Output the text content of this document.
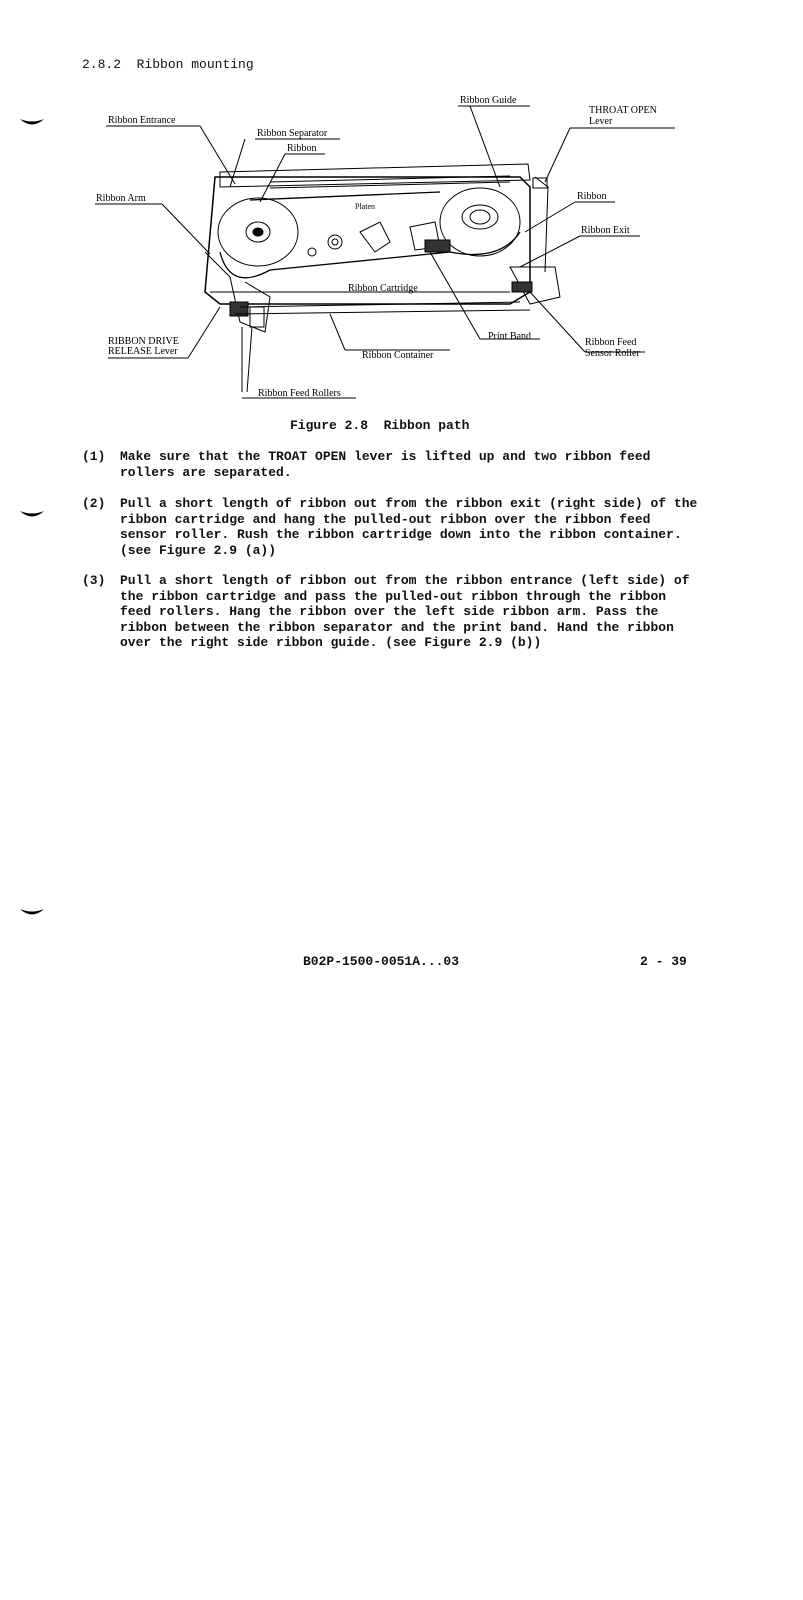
2.8.2 Ribbon mounting
Ribbon Guide
THROAT OPEN
Lever
Ribbon Entrance
Ribbon Separator
Ribbon
Platen
Ribbon Arm	Ribbon
Ribbon Exit
Ribbon Cartridge
Print Band
RIBBON DRIVE
RELEASE Lever	Ribbon Container
Ribbon Feed
Sensor Roller
Ribbon Feed Rollers
Figure 2.8  Ribbon path
(1)	Make sure that the TROAT OPEN lever is lifted up and two ribbon feed
rollers are separated.
(2)	Pull a short length of ribbon out from the ribbon exit (right side) of the
ribbon cartridge and hang the pulled-out ribbon over the ribbon feed
sensor roller. Rush the ribbon cartridge down into the ribbon container.
(see Figure 2.9 (a))
(3)	Pull a short length of ribbon out from the ribbon entrance (left side) of
the ribbon cartridge and pass the pulled-out ribbon through the ribbon
feed rollers. Hang the ribbon over the left side ribbon arm. Pass the
ribbon between the ribbon separator and the print band. Hand the ribbon
over the right side ribbon guide. (see Figure 2.9 (b))
B02P-1500-0051A...03	2 - 39
